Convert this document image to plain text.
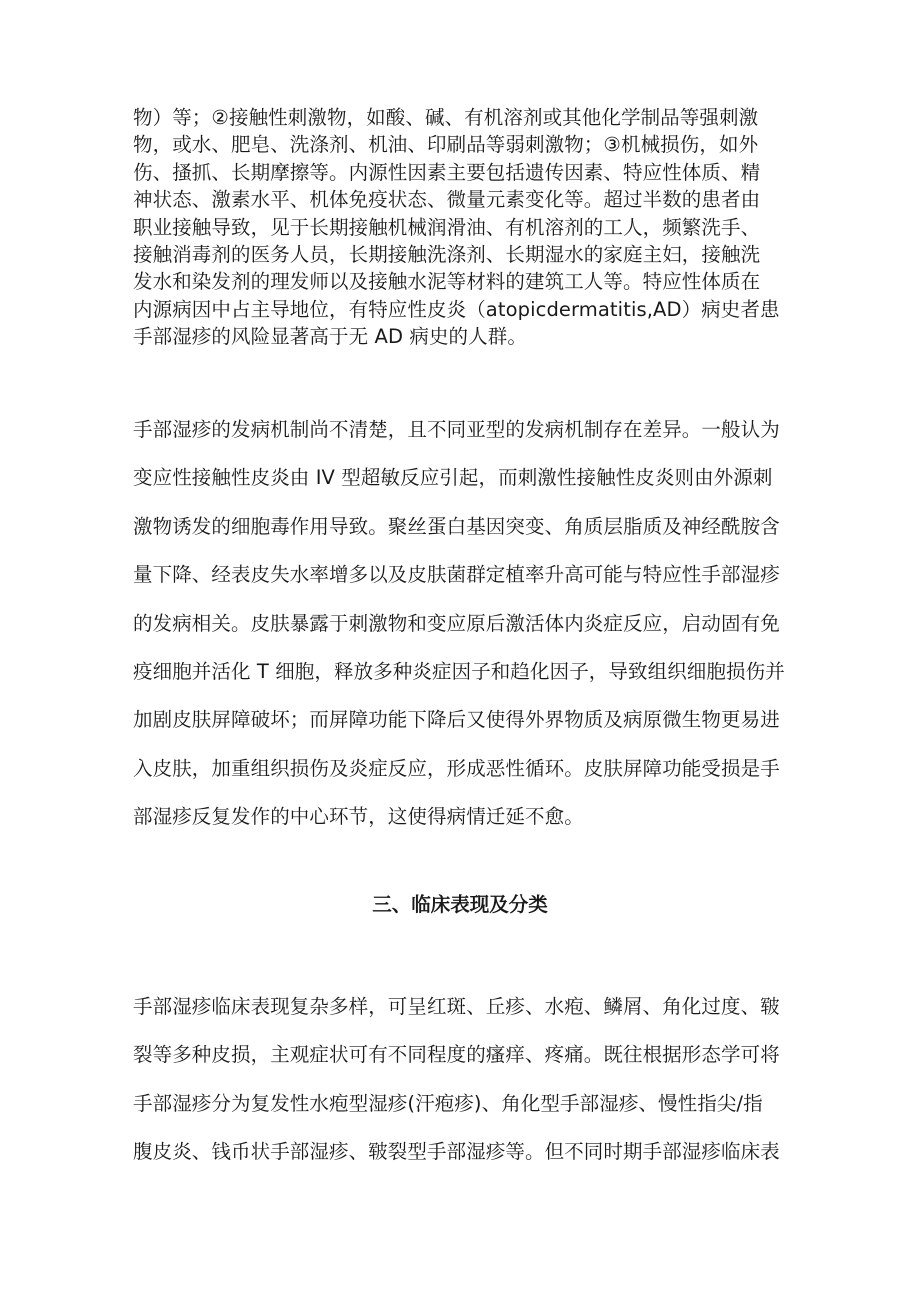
物）等；②接触性刺激物，如酸、碱、有机溶剂或其他化学制品等强刺激
物，或水、肥皂、洗涤剂、机油、印刷品等弱刺激物；③机械损伤，如外
伤、搔抓、长期摩擦等。内源性因素主要包括遗传因素、特应性体质、精
神状态、激素水平、机体免疫状态、微量元素变化等。超过半数的患者由
职业接触导致，见于长期接触机械润滑油、有机溶剂的工人，频繁洗手、
接触消毒剂的医务人员，长期接触洗涤剂、长期湿水的家庭主妇，接触洗
发水和染发剂的理发师以及接触水泥等材料的建筑工人等。特应性体质在
内源病因中占主导地位，有特应性皮炎（atopicdermatitis,AD）病史者患
手部湿疹的风险显著高于无 AD 病史的人群。
手部湿疹的发病机制尚不清楚，且不同亚型的发病机制存在差异。一般认为
变应性接触性皮炎由 IV 型超敏反应引起，而刺激性接触性皮炎则由外源刺
激物诱发的细胞毒作用导致。聚丝蛋白基因突变、角质层脂质及神经酰胺含
量下降、经表皮失水率增多以及皮肤菌群定植率升高可能与特应性手部湿疹
的发病相关。皮肤暴露于刺激物和变应原后激活体内炎症反应，启动固有免
疫细胞并活化 T 细胞，释放多种炎症因子和趋化因子，导致组织细胞损伤并
加剧皮肤屏障破坏；而屏障功能下降后又使得外界物质及病原微生物更易进
入皮肤，加重组织损伤及炎症反应，形成恶性循环。皮肤屏障功能受损是手
部湿疹反复发作的中心环节，这使得病情迁延不愈。
三、临床表现及分类
手部湿疹临床表现复杂多样，可呈红斑、丘疹、水疱、鳞屑、角化过度、皲
裂等多种皮损，主观症状可有不同程度的瘙痒、疼痛。既往根据形态学可将
手部湿疹分为复发性水疱型湿疹(汗疱疹)、角化型手部湿疹、慢性指尖/指
腹皮炎、钱币状手部湿疹、皲裂型手部湿疹等。但不同时期手部湿疹临床表
